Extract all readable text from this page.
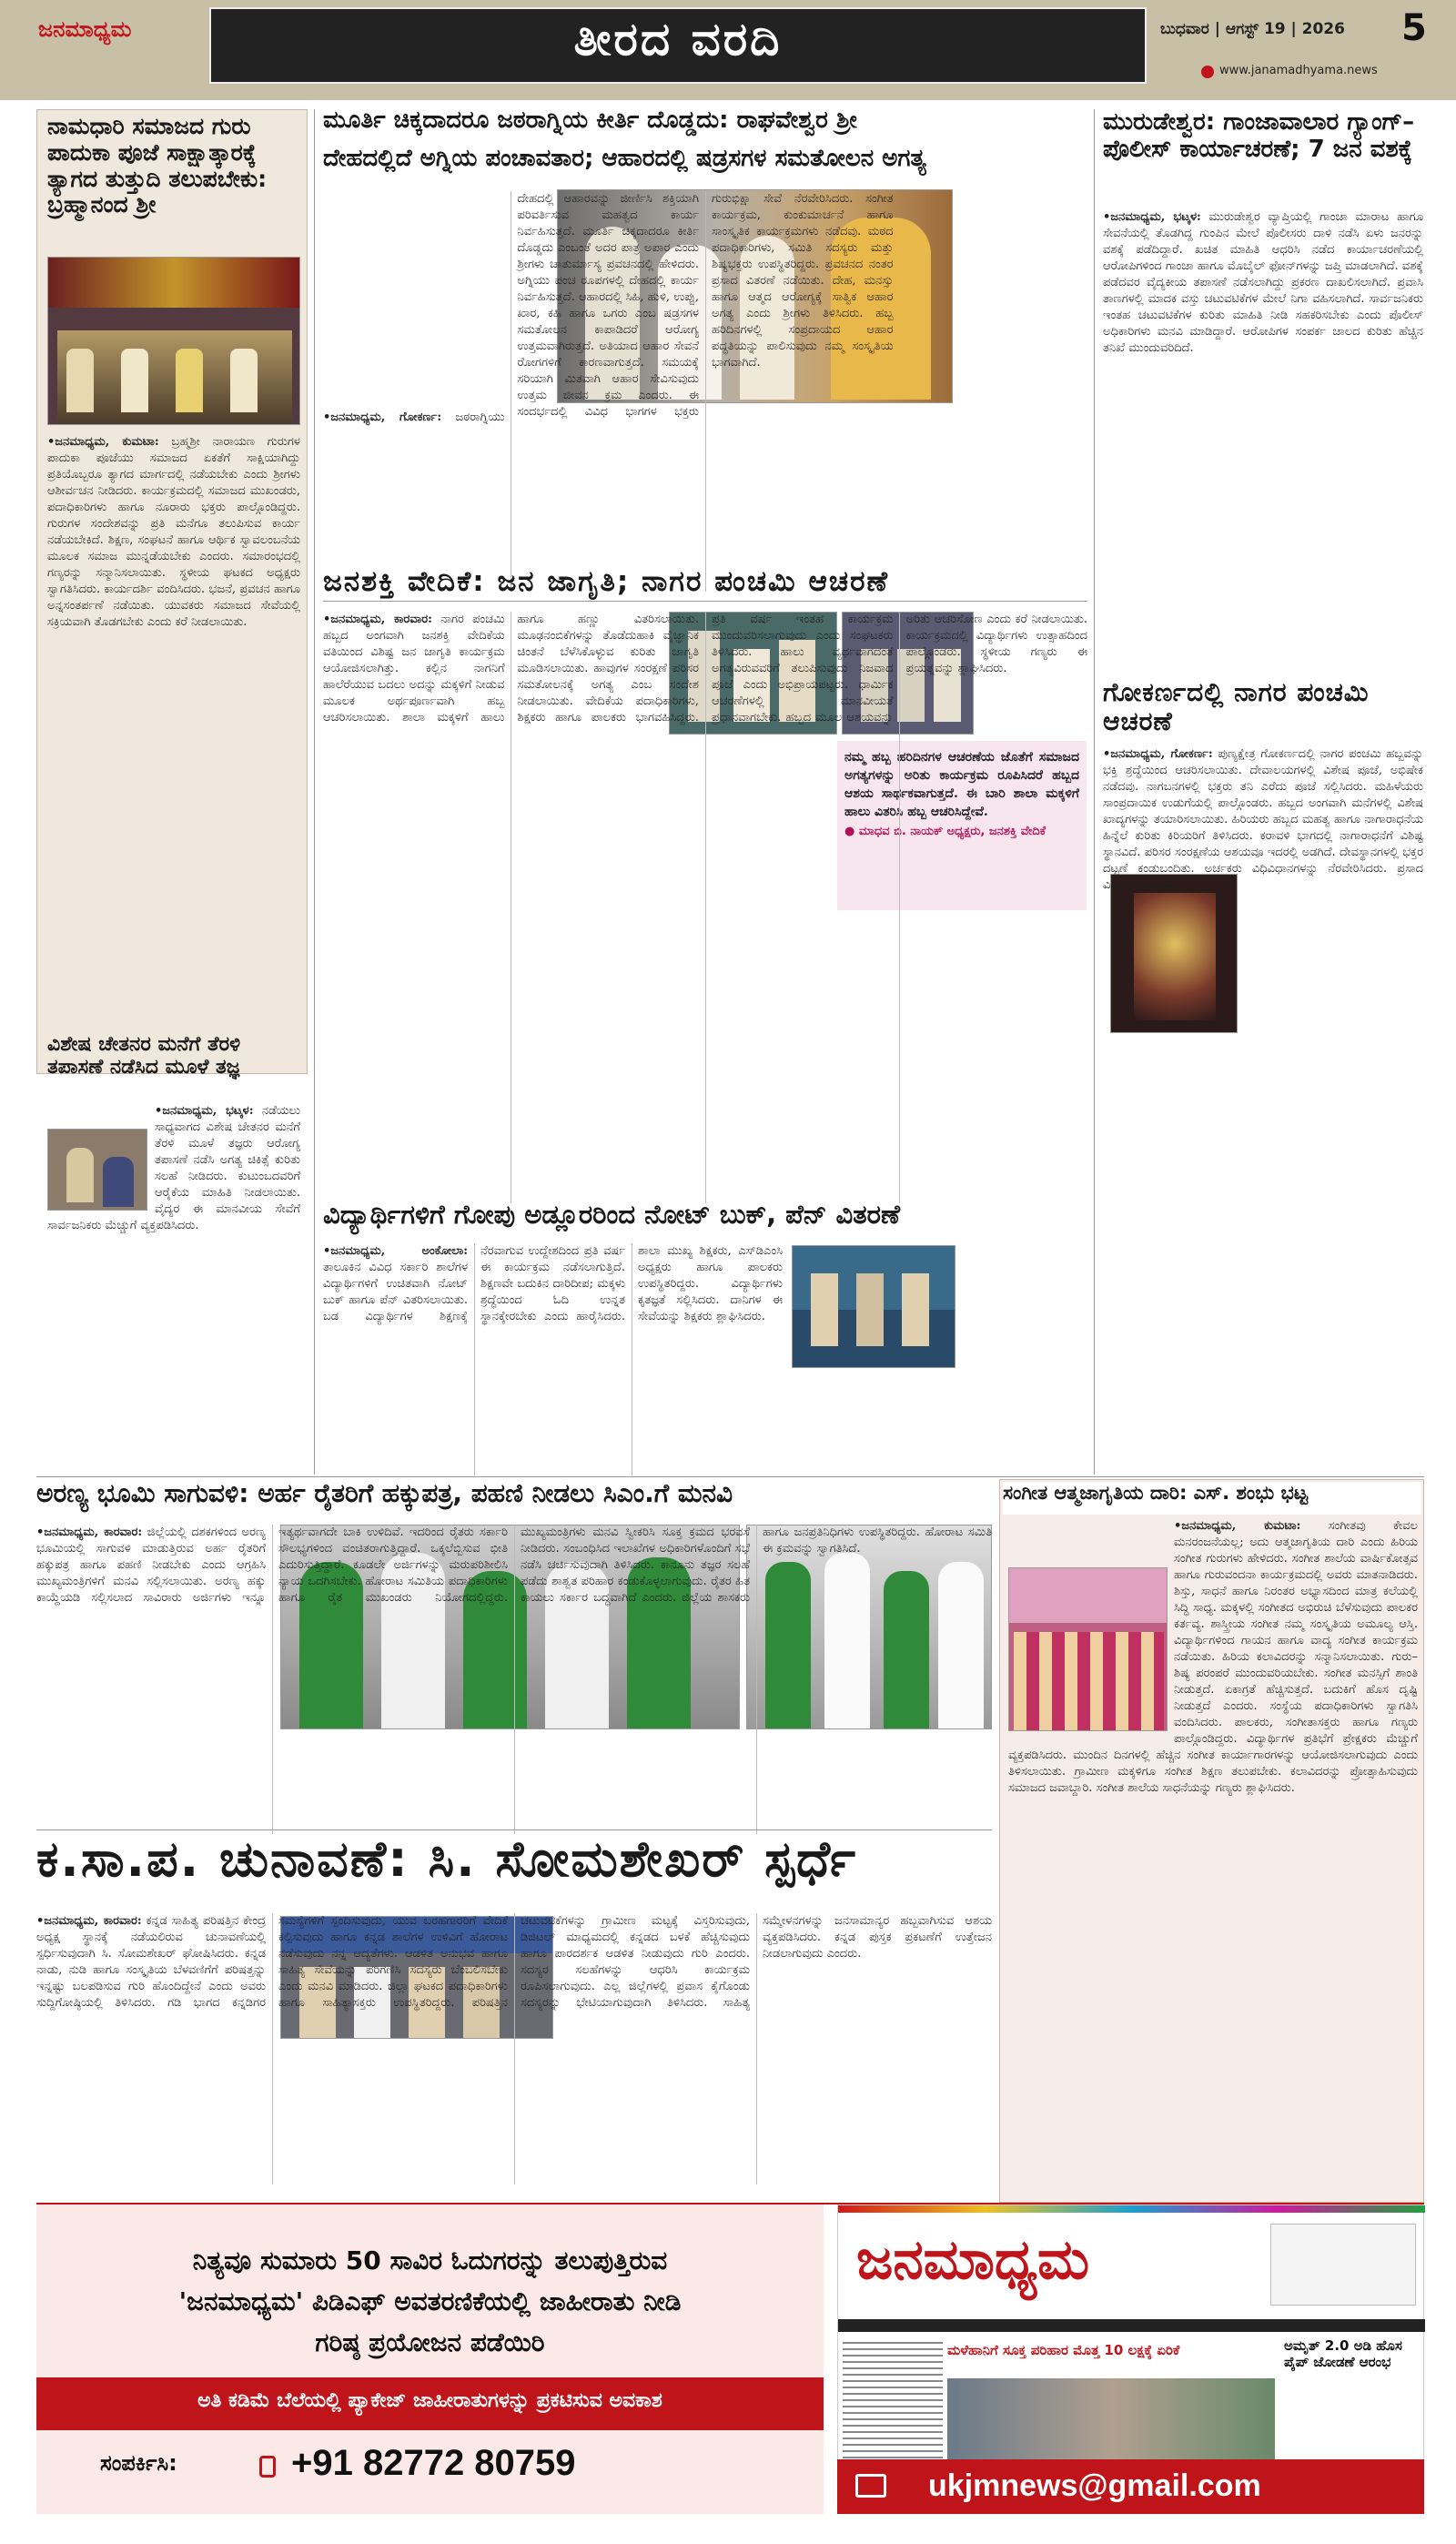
ಜನಮಾಧ್ಯಮ	ತೀರದ ವರದಿ	ಬುಧವಾರ | ಆಗಸ್ಟ್ 19 | 2026 5
www.janamadhyama.news
ನಾಮಧಾರಿ ಸಮಾಜದ ಗುರು ಪಾದುಕಾ ಪೂಜೆ ಸಾಕ್ಷಾತ್ಕಾರಕ್ಕೆ ತ್ಯಾಗದ ತುತ್ತುದಿ ತಲುಪಬೇಕು: ಬ್ರಹ್ಮಾನಂದ ಶ್ರೀ
•ಜನಮಾಧ್ಯಮ, ಕುಮಟಾ: ಬ್ರಹ್ಮಶ್ರೀ ನಾರಾಯಣ ಗುರುಗಳ ಪಾದುಕಾ ಪೂಜೆಯು ಸಮಾಜದ ಏಕತೆಗೆ ಸಾಕ್ಷಿಯಾಗಿದ್ದು ಪ್ರತಿಯೊಬ್ಬರೂ ತ್ಯಾಗದ ಮಾರ್ಗದಲ್ಲಿ ನಡೆಯಬೇಕು ಎಂದು ಶ್ರೀಗಳು ಆಶೀರ್ವಚನ ನೀಡಿದರು. ಕಾರ್ಯಕ್ರಮದಲ್ಲಿ ಸಮಾಜದ ಮುಖಂಡರು, ಪದಾಧಿಕಾರಿಗಳು ಹಾಗೂ ನೂರಾರು ಭಕ್ತರು ಪಾಲ್ಗೊಂಡಿದ್ದರು. ಗುರುಗಳ ಸಂದೇಶವನ್ನು ಪ್ರತಿ ಮನೆಗೂ ತಲುಪಿಸುವ ಕಾರ್ಯ ನಡೆಯಬೇಕಿದೆ. ಶಿಕ್ಷಣ, ಸಂಘಟನೆ ಹಾಗೂ ಆರ್ಥಿಕ ಸ್ವಾವಲಂಬನೆಯ ಮೂಲಕ ಸಮಾಜ ಮುನ್ನಡೆಯಬೇಕು ಎಂದರು. ಸಮಾರಂಭದಲ್ಲಿ ಗಣ್ಯರನ್ನು ಸನ್ಮಾನಿಸಲಾಯಿತು. ಸ್ಥಳೀಯ ಘಟಕದ ಅಧ್ಯಕ್ಷರು ಸ್ವಾಗತಿಸಿದರು. ಕಾರ್ಯದರ್ಶಿ ವಂದಿಸಿದರು. ಭಜನೆ, ಪ್ರವಚನ ಹಾಗೂ ಅನ್ನಸಂತರ್ಪಣೆ ನಡೆಯಿತು. ಯುವಕರು ಸಮಾಜದ ಸೇವೆಯಲ್ಲಿ ಸಕ್ರಿಯವಾಗಿ ತೊಡಗಬೇಕು ಎಂದು ಕರೆ ನೀಡಲಾಯಿತು.
ವಿಶೇಷ ಚೇತನರ ಮನೆಗೆ ತೆರಳಿ ತಪಾಸಣೆ ನಡೆಸಿದ ಮೂಳೆ ತಜ್ಞ
•ಜನಮಾಧ್ಯಮ, ಭಟ್ಕಳ: ನಡೆಯಲು ಸಾಧ್ಯವಾಗದ ವಿಶೇಷ ಚೇತನರ ಮನೆಗೆ ತೆರಳಿ ಮೂಳೆ ತಜ್ಞರು ಆರೋಗ್ಯ ತಪಾಸಣೆ ನಡೆಸಿ ಅಗತ್ಯ ಚಿಕಿತ್ಸೆ ಕುರಿತು ಸಲಹೆ ನೀಡಿದರು. ಕುಟುಂಬದವರಿಗೆ ಆರೈಕೆಯ ಮಾಹಿತಿ ನೀಡಲಾಯಿತು. ವೈದ್ಯರ ಈ ಮಾನವೀಯ ಸೇವೆಗೆ ಸಾರ್ವಜನಿಕರು ಮೆಚ್ಚುಗೆ ವ್ಯಕ್ತಪಡಿಸಿದರು.
ಮೂರ್ತಿ ಚಿಕ್ಕದಾದರೂ ಜಠರಾಗ್ನಿಯ ಕೀರ್ತಿ ದೊಡ್ಡದು: ರಾಘವೇಶ್ವರ ಶ್ರೀ
ದೇಹದಲ್ಲಿದೆ ಅಗ್ನಿಯ ಪಂಚಾವತಾರ; ಆಹಾರದಲ್ಲಿ ಷಡ್ರಸಗಳ ಸಮತೋಲನ ಅಗತ್ಯ
•ಜನಮಾಧ್ಯಮ, ಗೋಕರ್ಣ: ಜಠರಾಗ್ನಿಯು ದೇಹದಲ್ಲಿ ಆಹಾರವನ್ನು ಜೀರ್ಣಿಸಿ ಶಕ್ತಿಯಾಗಿ ಪರಿವರ್ತಿಸುವ ಮಹತ್ವದ ಕಾರ್ಯ ನಿರ್ವಹಿಸುತ್ತದೆ. ಮೂರ್ತಿ ಚಿಕ್ಕದಾದರೂ ಕೀರ್ತಿ ದೊಡ್ಡದು ಎಂಬಂತೆ ಅದರ ಪಾತ್ರ ಅಪಾರ ಎಂದು ಶ್ರೀಗಳು ಚಾತುರ್ಮಾಸ್ಯ ಪ್ರವಚನದಲ್ಲಿ ಹೇಳಿದರು. ಅಗ್ನಿಯು ಪಂಚ ರೂಪಗಳಲ್ಲಿ ದೇಹದಲ್ಲಿ ಕಾರ್ಯ ನಿರ್ವಹಿಸುತ್ತದೆ. ಆಹಾರದಲ್ಲಿ ಸಿಹಿ, ಹುಳಿ, ಉಪ್ಪು, ಖಾರ, ಕಹಿ ಹಾಗೂ ಒಗರು ಎಂಬ ಷಡ್ರಸಗಳ ಸಮತೋಲನ ಕಾಪಾಡಿದರೆ ಆರೋಗ್ಯ ಉತ್ತಮವಾಗಿರುತ್ತದೆ. ಅತಿಯಾದ ಆಹಾರ ಸೇವನೆ ರೋಗಗಳಿಗೆ ಕಾರಣವಾಗುತ್ತದೆ. ಸಮಯಕ್ಕೆ ಸರಿಯಾಗಿ ಮಿತವಾಗಿ ಆಹಾರ ಸೇವಿಸುವುದು ಉತ್ತಮ ಜೀವನ ಕ್ರಮ ಎಂದರು. ಈ ಸಂದರ್ಭದಲ್ಲಿ ವಿವಿಧ ಭಾಗಗಳ ಭಕ್ತರು ಗುರುಭಿಕ್ಷಾ ಸೇವೆ ನೆರವೇರಿಸಿದರು. ಸಂಗೀತ ಕಾರ್ಯಕ್ರಮ, ಕುಂಕುಮಾರ್ಚನೆ ಹಾಗೂ ಸಾಂಸ್ಕೃತಿಕ ಕಾರ್ಯಕ್ರಮಗಳು ನಡೆದವು. ಮಠದ ಪದಾಧಿಕಾರಿಗಳು, ಸಮಿತಿ ಸದಸ್ಯರು ಮತ್ತು ಶಿಷ್ಯಭಕ್ತರು ಉಪಸ್ಥಿತರಿದ್ದರು. ಪ್ರವಚನದ ನಂತರ ಪ್ರಸಾದ ವಿತರಣೆ ನಡೆಯಿತು. ದೇಹ, ಮನಸ್ಸು ಹಾಗೂ ಆತ್ಮದ ಆರೋಗ್ಯಕ್ಕೆ ಸಾತ್ವಿಕ ಆಹಾರ ಅಗತ್ಯ ಎಂದು ಶ್ರೀಗಳು ತಿಳಿಸಿದರು. ಹಬ್ಬ ಹರಿದಿನಗಳಲ್ಲಿ ಸಂಪ್ರದಾಯದ ಆಹಾರ ಪದ್ಧತಿಯನ್ನು ಪಾಲಿಸುವುದು ನಮ್ಮ ಸಂಸ್ಕೃತಿಯ ಭಾಗವಾಗಿದೆ.
ಜನಶಕ್ತಿ ವೇದಿಕೆ: ಜನ ಜಾಗೃತಿ; ನಾಗರ ಪಂಚಮಿ ಆಚರಣೆ
ನಮ್ಮ ಹಬ್ಬ ಹರಿದಿನಗಳ ಆಚರಣೆಯ ಜೊತೆಗೆ ಸಮಾಜದ ಅಗತ್ಯಗಳನ್ನು ಅರಿತು ಕಾರ್ಯಕ್ರಮ ರೂಪಿಸಿದರೆ ಹಬ್ಬದ ಆಶಯ ಸಾರ್ಥಕವಾಗುತ್ತದೆ. ಈ ಬಾರಿ ಶಾಲಾ ಮಕ್ಕಳಿಗೆ ಹಾಲು ವಿತರಿಸಿ ಹಬ್ಬ ಆಚರಿಸಿದ್ದೇವೆ.
● ಮಾಧವ ಬಿ. ನಾಯಕ್ ಅಧ್ಯಕ್ಷರು, ಜನಶಕ್ತಿ ವೇದಿಕೆ
•ಜನಮಾಧ್ಯಮ, ಕಾರವಾರ: ನಾಗರ ಪಂಚಮಿ ಹಬ್ಬದ ಅಂಗವಾಗಿ ಜನಶಕ್ತಿ ವೇದಿಕೆಯ ವತಿಯಿಂದ ವಿಶಿಷ್ಟ ಜನ ಜಾಗೃತಿ ಕಾರ್ಯಕ್ರಮ ಆಯೋಜಿಸಲಾಗಿತ್ತು. ಕಲ್ಲಿನ ನಾಗನಿಗೆ ಹಾಲೆರೆಯುವ ಬದಲು ಅದನ್ನು ಮಕ್ಕಳಿಗೆ ನೀಡುವ ಮೂಲಕ ಅರ್ಥಪೂರ್ಣವಾಗಿ ಹಬ್ಬ ಆಚರಿಸಲಾಯಿತು. ಶಾಲಾ ಮಕ್ಕಳಿಗೆ ಹಾಲು ಹಾಗೂ ಹಣ್ಣು ವಿತರಿಸಲಾಯಿತು. ಮೂಢನಂಬಿಕೆಗಳನ್ನು ತೊಡೆದುಹಾಕಿ ವೈಜ್ಞಾನಿಕ ಚಿಂತನೆ ಬೆಳೆಸಿಕೊಳ್ಳುವ ಕುರಿತು ಜಾಗೃತಿ ಮೂಡಿಸಲಾಯಿತು. ಹಾವುಗಳ ಸಂರಕ್ಷಣೆ ಪರಿಸರ ಸಮತೋಲನಕ್ಕೆ ಅಗತ್ಯ ಎಂಬ ಸಂದೇಶ ನೀಡಲಾಯಿತು. ವೇದಿಕೆಯ ಪದಾಧಿಕಾರಿಗಳು, ಶಿಕ್ಷಕರು ಹಾಗೂ ಪಾಲಕರು ಭಾಗವಹಿಸಿದ್ದರು. ಪ್ರತಿ ವರ್ಷ ಇಂತಹ ಕಾರ್ಯಕ್ರಮ ಮುಂದುವರಿಸಲಾಗುವುದು ಎಂದು ಸಂಘಟಕರು ತಿಳಿಸಿದರು. ಹಾಲು ವ್ಯರ್ಥವಾಗದಂತೆ ಅಗತ್ಯವಿರುವವರಿಗೆ ತಲುಪಿಸುವುದು ನಿಜವಾದ ಪೂಜೆ ಎಂದು ಅಭಿಪ್ರಾಯಪಟ್ಟರು. ಧಾರ್ಮಿಕ ಆಚರಣೆಗಳಲ್ಲಿ ಮಾನವೀಯತೆ ಪ್ರಧಾನವಾಗಬೇಕು. ಹಬ್ಬದ ಮೂಲ ಆಶಯವನ್ನು ಅರಿತು ಆಚರಿಸೋಣ ಎಂದು ಕರೆ ನೀಡಲಾಯಿತು. ಕಾರ್ಯಕ್ರಮದಲ್ಲಿ ವಿದ್ಯಾರ್ಥಿಗಳು ಉತ್ಸಾಹದಿಂದ ಪಾಲ್ಗೊಂಡರು. ಸ್ಥಳೀಯ ಗಣ್ಯರು ಈ ಪ್ರಯತ್ನವನ್ನು ಶ್ಲಾಘಿಸಿದರು.
ವಿದ್ಯಾರ್ಥಿಗಳಿಗೆ ಗೋಪು ಅಡ್ಲೂರರಿಂದ ನೋಟ್ ಬುಕ್, ಪೆನ್ ವಿತರಣೆ
•ಜನಮಾಧ್ಯಮ, ಅಂಕೋಲಾ: ತಾಲೂಕಿನ ವಿವಿಧ ಸರ್ಕಾರಿ ಶಾಲೆಗಳ ವಿದ್ಯಾರ್ಥಿಗಳಿಗೆ ಉಚಿತವಾಗಿ ನೋಟ್ ಬುಕ್ ಹಾಗೂ ಪೆನ್ ವಿತರಿಸಲಾಯಿತು. ಬಡ ವಿದ್ಯಾರ್ಥಿಗಳ ಶಿಕ್ಷಣಕ್ಕೆ ನೆರವಾಗುವ ಉದ್ದೇಶದಿಂದ ಪ್ರತಿ ವರ್ಷ ಈ ಕಾರ್ಯಕ್ರಮ ನಡೆಸಲಾಗುತ್ತಿದೆ. ಶಿಕ್ಷಣವೇ ಬದುಕಿನ ದಾರಿದೀಪ; ಮಕ್ಕಳು ಶ್ರದ್ಧೆಯಿಂದ ಓದಿ ಉನ್ನತ ಸ್ಥಾನಕ್ಕೇರಬೇಕು ಎಂದು ಹಾರೈಸಿದರು. ಶಾಲಾ ಮುಖ್ಯ ಶಿಕ್ಷಕರು, ಎಸ್‌ಡಿಎಂಸಿ ಅಧ್ಯಕ್ಷರು ಹಾಗೂ ಪಾಲಕರು ಉಪಸ್ಥಿತರಿದ್ದರು. ವಿದ್ಯಾರ್ಥಿಗಳು ಕೃತಜ್ಞತೆ ಸಲ್ಲಿಸಿದರು. ದಾನಿಗಳ ಈ ಸೇವೆಯನ್ನು ಶಿಕ್ಷಕರು ಶ್ಲಾಘಿಸಿದರು.
ಮುರುಡೇಶ್ವರ: ಗಾಂಜಾವಾಲಾರ ಗ್ಯಾಂಗ್–ಪೊಲೀಸ್ ಕಾರ್ಯಾಚರಣೆ; 7 ಜನ ವಶಕ್ಕೆ
•ಜನಮಾಧ್ಯಮ, ಭಟ್ಕಳ: ಮುರುಡೇಶ್ವರ ವ್ಯಾಪ್ತಿಯಲ್ಲಿ ಗಾಂಜಾ ಮಾರಾಟ ಹಾಗೂ ಸೇವನೆಯಲ್ಲಿ ತೊಡಗಿದ್ದ ಗುಂಪಿನ ಮೇಲೆ ಪೊಲೀಸರು ದಾಳಿ ನಡೆಸಿ ಏಳು ಜನರನ್ನು ವಶಕ್ಕೆ ಪಡೆದಿದ್ದಾರೆ. ಖಚಿತ ಮಾಹಿತಿ ಆಧರಿಸಿ ನಡೆದ ಕಾರ್ಯಾಚರಣೆಯಲ್ಲಿ ಆರೋಪಿಗಳಿಂದ ಗಾಂಜಾ ಹಾಗೂ ಮೊಬೈಲ್ ಫೋನ್‌ಗಳನ್ನು ಜಪ್ತಿ ಮಾಡಲಾಗಿದೆ. ವಶಕ್ಕೆ ಪಡೆದವರ ವೈದ್ಯಕೀಯ ತಪಾಸಣೆ ನಡೆಸಲಾಗಿದ್ದು ಪ್ರಕರಣ ದಾಖಲಿಸಲಾಗಿದೆ. ಪ್ರವಾಸಿ ತಾಣಗಳಲ್ಲಿ ಮಾದಕ ವಸ್ತು ಚಟುವಟಿಕೆಗಳ ಮೇಲೆ ನಿಗಾ ವಹಿಸಲಾಗಿದೆ. ಸಾರ್ವಜನಿಕರು ಇಂತಹ ಚಟುವಟಿಕೆಗಳ ಕುರಿತು ಮಾಹಿತಿ ನೀಡಿ ಸಹಕರಿಸಬೇಕು ಎಂದು ಪೊಲೀಸ್ ಅಧಿಕಾರಿಗಳು ಮನವಿ ಮಾಡಿದ್ದಾರೆ. ಆರೋಪಿಗಳ ಸಂಪರ್ಕ ಜಾಲದ ಕುರಿತು ಹೆಚ್ಚಿನ ತನಿಖೆ ಮುಂದುವರಿದಿದೆ.
ಗೋಕರ್ಣದಲ್ಲಿ ನಾಗರ ಪಂಚಮಿ ಆಚರಣೆ
•ಜನಮಾಧ್ಯಮ, ಗೋಕರ್ಣ: ಪುಣ್ಯಕ್ಷೇತ್ರ ಗೋಕರ್ಣದಲ್ಲಿ ನಾಗರ ಪಂಚಮಿ ಹಬ್ಬವನ್ನು ಭಕ್ತಿ ಶ್ರದ್ಧೆಯಿಂದ ಆಚರಿಸಲಾಯಿತು. ದೇವಾಲಯಗಳಲ್ಲಿ ವಿಶೇಷ ಪೂಜೆ, ಅಭಿಷೇಕ ನಡೆದವು. ನಾಗಬನಗಳಲ್ಲಿ ಭಕ್ತರು ತನಿ ಎರೆದು ಪೂಜೆ ಸಲ್ಲಿಸಿದರು. ಮಹಿಳೆಯರು ಸಾಂಪ್ರದಾಯಿಕ ಉಡುಗೆಯಲ್ಲಿ ಪಾಲ್ಗೊಂಡರು. ಹಬ್ಬದ ಅಂಗವಾಗಿ ಮನೆಗಳಲ್ಲಿ ವಿಶೇಷ ಖಾದ್ಯಗಳನ್ನು ತಯಾರಿಸಲಾಯಿತು. ಹಿರಿಯರು ಹಬ್ಬದ ಮಹತ್ವ ಹಾಗೂ ನಾಗಾರಾಧನೆಯ ಹಿನ್ನೆಲೆ ಕುರಿತು ಕಿರಿಯರಿಗೆ ತಿಳಿಸಿದರು. ಕರಾವಳಿ ಭಾಗದಲ್ಲಿ ನಾಗಾರಾಧನೆಗೆ ವಿಶಿಷ್ಟ ಸ್ಥಾನವಿದೆ. ಪರಿಸರ ಸಂರಕ್ಷಣೆಯ ಆಶಯವೂ ಇದರಲ್ಲಿ ಅಡಗಿದೆ. ದೇವಸ್ಥಾನಗಳಲ್ಲಿ ಭಕ್ತರ ದಟ್ಟಣೆ ಕಂಡುಬಂದಿತು. ಅರ್ಚಕರು ವಿಧಿವಿಧಾನಗಳನ್ನು ನೆರವೇರಿಸಿದರು. ಪ್ರಸಾದ ವಿತರಣೆ ನಡೆಯಿತು.
ಅರಣ್ಯ ಭೂಮಿ ಸಾಗುವಳಿ: ಅರ್ಹ ರೈತರಿಗೆ ಹಕ್ಕುಪತ್ರ, ಪಹಣಿ ನೀಡಲು ಸಿಎಂ.ಗೆ ಮನವಿ
•ಜನಮಾಧ್ಯಮ, ಕಾರವಾರ: ಜಿಲ್ಲೆಯಲ್ಲಿ ದಶಕಗಳಿಂದ ಅರಣ್ಯ ಭೂಮಿಯಲ್ಲಿ ಸಾಗುವಳಿ ಮಾಡುತ್ತಿರುವ ಅರ್ಹ ರೈತರಿಗೆ ಹಕ್ಕುಪತ್ರ ಹಾಗೂ ಪಹಣಿ ನೀಡಬೇಕು ಎಂದು ಆಗ್ರಹಿಸಿ ಮುಖ್ಯಮಂತ್ರಿಗಳಿಗೆ ಮನವಿ ಸಲ್ಲಿಸಲಾಯಿತು. ಅರಣ್ಯ ಹಕ್ಕು ಕಾಯ್ದೆಯಡಿ ಸಲ್ಲಿಸಲಾದ ಸಾವಿರಾರು ಅರ್ಜಿಗಳು ಇನ್ನೂ ಇತ್ಯರ್ಥವಾಗದೇ ಬಾಕಿ ಉಳಿದಿವೆ. ಇದರಿಂದ ರೈತರು ಸರ್ಕಾರಿ ಸೌಲಭ್ಯಗಳಿಂದ ವಂಚಿತರಾಗುತ್ತಿದ್ದಾರೆ. ಒಕ್ಕಲೆಬ್ಬಿಸುವ ಭೀತಿ ಎದುರಿಸುತ್ತಿದ್ದಾರೆ. ಕೂಡಲೇ ಅರ್ಜಿಗಳನ್ನು ಮರುಪರಿಶೀಲಿಸಿ ನ್ಯಾಯ ಒದಗಿಸಬೇಕು. ಹೋರಾಟ ಸಮಿತಿಯ ಪದಾಧಿಕಾರಿಗಳು ಹಾಗೂ ರೈತ ಮುಖಂಡರು ನಿಯೋಗದಲ್ಲಿದ್ದರು. ಮುಖ್ಯಮಂತ್ರಿಗಳು ಮನವಿ ಸ್ವೀಕರಿಸಿ ಸೂಕ್ತ ಕ್ರಮದ ಭರವಸೆ ನೀಡಿದರು. ಸಂಬಂಧಿಸಿದ ಇಲಾಖೆಗಳ ಅಧಿಕಾರಿಗಳೊಂದಿಗೆ ಸಭೆ ನಡೆಸಿ ಚರ್ಚಿಸುವುದಾಗಿ ತಿಳಿಸಿದರು. ಕಾನೂನು ತಜ್ಞರ ಸಲಹೆ ಪಡೆದು ಶಾಶ್ವತ ಪರಿಹಾರ ಕಂಡುಕೊಳ್ಳಲಾಗುವುದು. ರೈತರ ಹಿತ ಕಾಯಲು ಸರ್ಕಾರ ಬದ್ಧವಾಗಿದೆ ಎಂದರು. ಜಿಲ್ಲೆಯ ಶಾಸಕರು ಹಾಗೂ ಜನಪ್ರತಿನಿಧಿಗಳು ಉಪಸ್ಥಿತರಿದ್ದರು. ಹೋರಾಟ ಸಮಿತಿ ಈ ಕ್ರಮವನ್ನು ಸ್ವಾಗತಿಸಿದೆ.
ಕ.ಸಾ.ಪ. ಚುನಾವಣೆ: ಸಿ. ಸೋಮಶೇಖರ್ ಸ್ಪರ್ಧೆ
•ಜನಮಾಧ್ಯಮ, ಕಾರವಾರ: ಕನ್ನಡ ಸಾಹಿತ್ಯ ಪರಿಷತ್ತಿನ ಕೇಂದ್ರ ಅಧ್ಯಕ್ಷ ಸ್ಥಾನಕ್ಕೆ ನಡೆಯಲಿರುವ ಚುನಾವಣೆಯಲ್ಲಿ ಸ್ಪರ್ಧಿಸುವುದಾಗಿ ಸಿ. ಸೋಮಶೇಖರ್ ಘೋಷಿಸಿದರು. ಕನ್ನಡ ನಾಡು, ನುಡಿ ಹಾಗೂ ಸಂಸ್ಕೃತಿಯ ಬೆಳವಣಿಗೆಗೆ ಪರಿಷತ್ತನ್ನು ಇನ್ನಷ್ಟು ಬಲಪಡಿಸುವ ಗುರಿ ಹೊಂದಿದ್ದೇನೆ ಎಂದು ಅವರು ಸುದ್ದಿಗೋಷ್ಠಿಯಲ್ಲಿ ತಿಳಿಸಿದರು. ಗಡಿ ಭಾಗದ ಕನ್ನಡಿಗರ ಸಮಸ್ಯೆಗಳಿಗೆ ಸ್ಪಂದಿಸುವುದು, ಯುವ ಬರಹಗಾರರಿಗೆ ವೇದಿಕೆ ಕಲ್ಪಿಸುವುದು ಹಾಗೂ ಕನ್ನಡ ಶಾಲೆಗಳ ಉಳಿವಿಗೆ ಹೋರಾಟ ನಡೆಸುವುದು ನನ್ನ ಆದ್ಯತೆಗಳು. ಆಡಳಿತ ಅನುಭವ ಹಾಗೂ ಸಾಹಿತ್ಯ ಸೇವೆಯನ್ನು ಪರಿಗಣಿಸಿ ಸದಸ್ಯರು ಬೆಂಬಲಿಸಬೇಕು ಎಂದು ಮನವಿ ಮಾಡಿದರು. ಜಿಲ್ಲಾ ಘಟಕದ ಪದಾಧಿಕಾರಿಗಳು ಹಾಗೂ ಸಾಹಿತ್ಯಾಸಕ್ತರು ಉಪಸ್ಥಿತರಿದ್ದರು. ಪರಿಷತ್ತಿನ ಚಟುವಟಿಕೆಗಳನ್ನು ಗ್ರಾಮೀಣ ಮಟ್ಟಕ್ಕೆ ವಿಸ್ತರಿಸುವುದು, ಡಿಜಿಟಲ್ ಮಾಧ್ಯಮದಲ್ಲಿ ಕನ್ನಡದ ಬಳಕೆ ಹೆಚ್ಚಿಸುವುದು ಹಾಗೂ ಪಾರದರ್ಶಕ ಆಡಳಿತ ನೀಡುವುದು ಗುರಿ ಎಂದರು. ಸದಸ್ಯರ ಸಲಹೆಗಳನ್ನು ಆಧರಿಸಿ ಕಾರ್ಯಕ್ರಮ ರೂಪಿಸಲಾಗುವುದು. ಎಲ್ಲ ಜಿಲ್ಲೆಗಳಲ್ಲಿ ಪ್ರವಾಸ ಕೈಗೊಂಡು ಸದಸ್ಯರನ್ನು ಭೇಟಿಯಾಗುವುದಾಗಿ ತಿಳಿಸಿದರು. ಸಾಹಿತ್ಯ ಸಮ್ಮೇಳನಗಳನ್ನು ಜನಸಾಮಾನ್ಯರ ಹಬ್ಬವಾಗಿಸುವ ಆಶಯ ವ್ಯಕ್ತಪಡಿಸಿದರು. ಕನ್ನಡ ಪುಸ್ತಕ ಪ್ರಕಟಣೆಗೆ ಉತ್ತೇಜನ ನೀಡಲಾಗುವುದು ಎಂದರು.
ಸಂಗೀತ ಆತ್ಮಜಾಗೃತಿಯ ದಾರಿ: ಎಸ್. ಶಂಭು ಭಟ್ಟ
•ಜನಮಾಧ್ಯಮ, ಕುಮಟಾ: ಸಂಗೀತವು ಕೇವಲ ಮನರಂಜನೆಯಲ್ಲ; ಅದು ಆತ್ಮಜಾಗೃತಿಯ ದಾರಿ ಎಂದು ಹಿರಿಯ ಸಂಗೀತ ಗುರುಗಳು ಹೇಳಿದರು. ಸಂಗೀತ ಶಾಲೆಯ ವಾರ್ಷಿಕೋತ್ಸವ ಹಾಗೂ ಗುರುವಂದನಾ ಕಾರ್ಯಕ್ರಮದಲ್ಲಿ ಅವರು ಮಾತನಾಡಿದರು. ಶಿಸ್ತು, ಸಾಧನೆ ಹಾಗೂ ನಿರಂತರ ಅಭ್ಯಾಸದಿಂದ ಮಾತ್ರ ಕಲೆಯಲ್ಲಿ ಸಿದ್ಧಿ ಸಾಧ್ಯ. ಮಕ್ಕಳಲ್ಲಿ ಸಂಗೀತದ ಅಭಿರುಚಿ ಬೆಳೆಸುವುದು ಪಾಲಕರ ಕರ್ತವ್ಯ. ಶಾಸ್ತ್ರೀಯ ಸಂಗೀತ ನಮ್ಮ ಸಂಸ್ಕೃತಿಯ ಅಮೂಲ್ಯ ಆಸ್ತಿ. ವಿದ್ಯಾರ್ಥಿಗಳಿಂದ ಗಾಯನ ಹಾಗೂ ವಾದ್ಯ ಸಂಗೀತ ಕಾರ್ಯಕ್ರಮ ನಡೆಯಿತು. ಹಿರಿಯ ಕಲಾವಿದರನ್ನು ಸನ್ಮಾನಿಸಲಾಯಿತು. ಗುರು–ಶಿಷ್ಯ ಪರಂಪರೆ ಮುಂದುವರಿಯಬೇಕು. ಸಂಗೀತ ಮನಸ್ಸಿಗೆ ಶಾಂತಿ ನೀಡುತ್ತದೆ. ಏಕಾಗ್ರತೆ ಹೆಚ್ಚಿಸುತ್ತದೆ. ಬದುಕಿಗೆ ಹೊಸ ದೃಷ್ಟಿ ನೀಡುತ್ತದೆ ಎಂದರು. ಸಂಸ್ಥೆಯ ಪದಾಧಿಕಾರಿಗಳು ಸ್ವಾಗತಿಸಿ ವಂದಿಸಿದರು. ಪಾಲಕರು, ಸಂಗೀತಾಸಕ್ತರು ಹಾಗೂ ಗಣ್ಯರು ಪಾಲ್ಗೊಂಡಿದ್ದರು. ವಿದ್ಯಾರ್ಥಿಗಳ ಪ್ರತಿಭೆಗೆ ಪ್ರೇಕ್ಷಕರು ಮೆಚ್ಚುಗೆ ವ್ಯಕ್ತಪಡಿಸಿದರು. ಮುಂದಿನ ದಿನಗಳಲ್ಲಿ ಹೆಚ್ಚಿನ ಸಂಗೀತ ಕಾರ್ಯಾಗಾರಗಳನ್ನು ಆಯೋಜಿಸಲಾಗುವುದು ಎಂದು ತಿಳಿಸಲಾಯಿತು. ಗ್ರಾಮೀಣ ಮಕ್ಕಳಿಗೂ ಸಂಗೀತ ಶಿಕ್ಷಣ ತಲುಪಬೇಕು. ಕಲಾವಿದರನ್ನು ಪ್ರೋತ್ಸಾಹಿಸುವುದು ಸಮಾಜದ ಜವಾಬ್ದಾರಿ. ಸಂಗೀತ ಶಾಲೆಯ ಸಾಧನೆಯನ್ನು ಗಣ್ಯರು ಶ್ಲಾಘಿಸಿದರು.
ನಿತ್ಯವೂ ಸುಮಾರು 50 ಸಾವಿರ ಓದುಗರನ್ನು ತಲುಪುತ್ತಿರುವ
'ಜನಮಾಧ್ಯಮ' ಪಿಡಿಎಫ್ ಅವತರಣಿಕೆಯಲ್ಲಿ ಜಾಹೀರಾತು ನೀಡಿ
ಗರಿಷ್ಠ ಪ್ರಯೋಜನ ಪಡೆಯಿರಿ
ಅತಿ ಕಡಿಮೆ ಬೆಲೆಯಲ್ಲಿ ಪ್ಯಾಕೇಜ್ ಜಾಹೀರಾತುಗಳನ್ನು ಪ್ರಕಟಿಸುವ ಅವಕಾಶ
ಸಂಪರ್ಕಿಸಿ:	+91 82772 80759
ಜನಮಾಧ್ಯಮ
ಮಳೆಹಾನಿಗೆ ಸೂಕ್ತ ಪರಿಹಾರ ಮೊತ್ತ 10 ಲಕ್ಷಕ್ಕೆ ಏರಿಕೆ	ಅಮೃತ್ 2.0 ಅಡಿ ಹೊಸ ಪೈಪ್ ಜೋಡಣೆ ಆರಂಭ
ukjmnews@gmail.com
